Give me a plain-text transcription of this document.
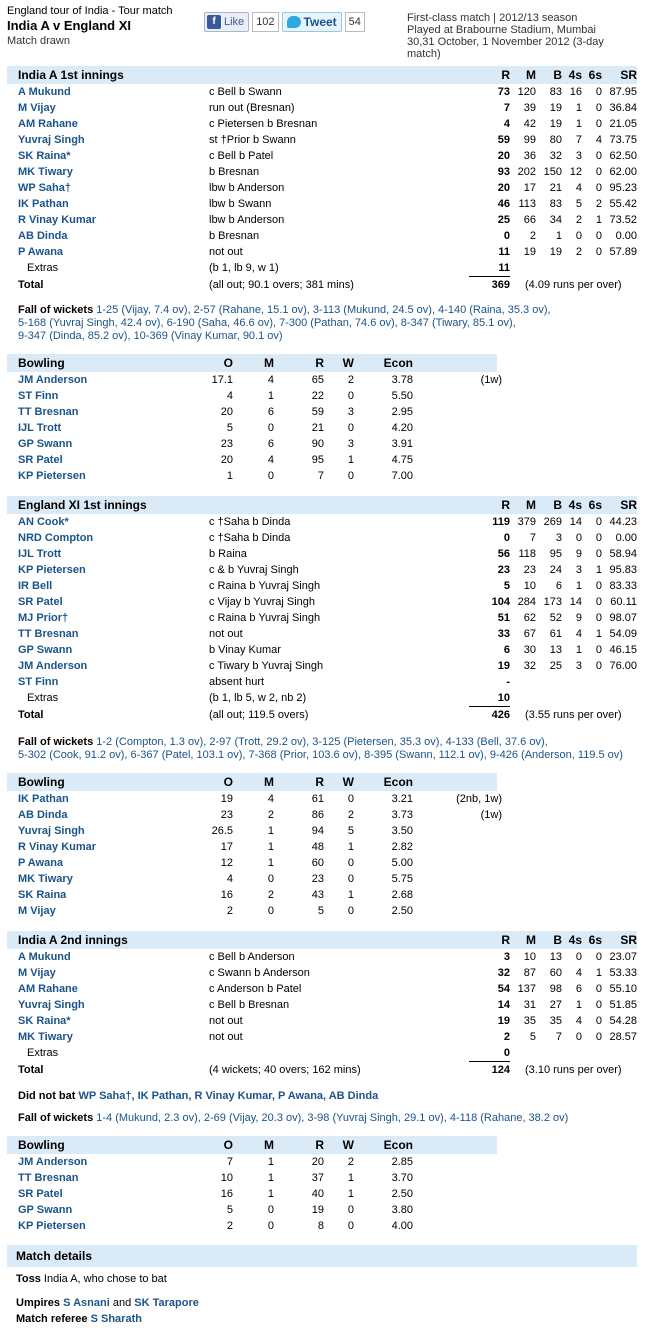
England tour of India - Tour match
India A v England XI
Match drawn
f Like	102	Tweet	54	First-class match | 2012/13 season
Played at Brabourne Stadium, Mumbai
30,31 October, 1 November 2012 (3-day
match)
India A 1st innings	R	M	B 4s 6s	SR
A Mukund	c Bell b Swann	73 120	83 16	0 87.95
M Vijay	run out (Bresnan)	7	39	19	1	0 36.84
AM Rahane	c Pietersen b Bresnan	4	42	19	1	0 21.05
Yuvraj Singh	st †Prior b Swann	59	99	80	7	4 73.75
SK Raina*	c Bell b Patel	20	36	32	3	0 62.50
MK Tiwary	b Bresnan	93 202 150 12	0 62.00
WP Saha†	lbw b Anderson	20	17	21	4	0 95.23
IK Pathan	lbw b Swann	46 113	83	5	2 55.42
R Vinay Kumar	lbw b Anderson	25	66	34	2	1 73.52
AB Dinda	b Bresnan	0	2	1	0	0	0.00
P Awana	not out	11	19	19	2	0 57.89
Extras	(b 1, lb 9, w 1)	11
Total	(all out; 90.1 overs; 381 mins)	369 (4.09 runs per over)
Fall of wickets 1-25 (Vijay, 7.4 ov), 2-57 (Rahane, 15.1 ov), 3-113 (Mukund, 24.5 ov), 4-140 (Raina, 35.3 ov),
5-168 (Yuvraj Singh, 42.4 ov), 6-190 (Saha, 46.6 ov), 7-300 (Pathan, 74.6 ov), 8-347 (Tiwary, 85.1 ov),
9-347 (Dinda, 85.2 ov), 10-369 (Vinay Kumar, 90.1 ov)
Bowling	O	M	R	W	Econ
JM Anderson	17.1	4	65	2	3.78	(1w)
ST Finn	4	1	22	0	5.50
TT Bresnan	20	6	59	3	2.95
IJL Trott	5	0	21	0	4.20
GP Swann	23	6	90	3	3.91
SR Patel	20	4	95	1	4.75
KP Pietersen	1	0	7	0	7.00
England XI 1st innings	R	M	B 4s 6s	SR
AN Cook*	c †Saha b Dinda	119 379 269 14	0 44.23
NRD Compton	c †Saha b Dinda	0	7	3	0	0	0.00
IJL Trott	b Raina	56 118	95	9	0 58.94
KP Pietersen	c & b Yuvraj Singh	23	23	24	3	1 95.83
IR Bell	c Raina b Yuvraj Singh	5	10	6	1	0 83.33
SR Patel	c Vijay b Yuvraj Singh	104 284 173 14	0 60.11
MJ Prior†	c Raina b Yuvraj Singh	51	62	52	9	0 98.07
TT Bresnan	not out	33	67	61	4	1 54.09
GP Swann	b Vinay Kumar	6	30	13	1	0 46.15
JM Anderson	c Tiwary b Yuvraj Singh	19	32	25	3	0 76.00
ST Finn	absent hurt	-
Extras	(b 1, lb 5, w 2, nb 2)	10
Total	(all out; 119.5 overs)	426 (3.55 runs per over)
Fall of wickets 1-2 (Compton, 1.3 ov), 2-97 (Trott, 29.2 ov), 3-125 (Pietersen, 35.3 ov), 4-133 (Bell, 37.6 ov),
5-302 (Cook, 91.2 ov), 6-367 (Patel, 103.1 ov), 7-368 (Prior, 103.6 ov), 8-395 (Swann, 112.1 ov), 9-426 (Anderson, 119.5 ov)
Bowling	O	M	R	W	Econ
IK Pathan	19	4	61	0	3.21	(2nb, 1w)
AB Dinda	23	2	86	2	3.73	(1w)
Yuvraj Singh	26.5	1	94	5	3.50
R Vinay Kumar	17	1	48	1	2.82
P Awana	12	1	60	0	5.00
MK Tiwary	4	0	23	0	5.75
SK Raina	16	2	43	1	2.68
M Vijay	2	0	5	0	2.50
India A 2nd innings	R	M	B 4s 6s	SR
A Mukund	c Bell b Anderson	3	10	13	0	0 23.07
M Vijay	c Swann b Anderson	32	87	60	4	1 53.33
AM Rahane	c Anderson b Patel	54 137	98	6	0 55.10
Yuvraj Singh	c Bell b Bresnan	14	31	27	1	0 51.85
SK Raina*	not out	19	35	35	4	0 54.28
MK Tiwary	not out	2	5	7	0	0 28.57
Extras	0
Total	(4 wickets; 40 overs; 162 mins)	124 (3.10 runs per over)
Did not bat WP Saha†, IK Pathan, R Vinay Kumar, P Awana, AB Dinda
Fall of wickets 1-4 (Mukund, 2.3 ov), 2-69 (Vijay, 20.3 ov), 3-98 (Yuvraj Singh, 29.1 ov), 4-118 (Rahane, 38.2 ov)
Bowling	O	M	R	W	Econ
JM Anderson	7	1	20	2	2.85
TT Bresnan	10	1	37	1	3.70
SR Patel	16	1	40	1	2.50
GP Swann	5	0	19	0	3.80
KP Pietersen	2	0	8	0	4.00
Match details
Toss India A, who chose to bat
Umpires S Asnani and SK Tarapore
Match referee S Sharath
